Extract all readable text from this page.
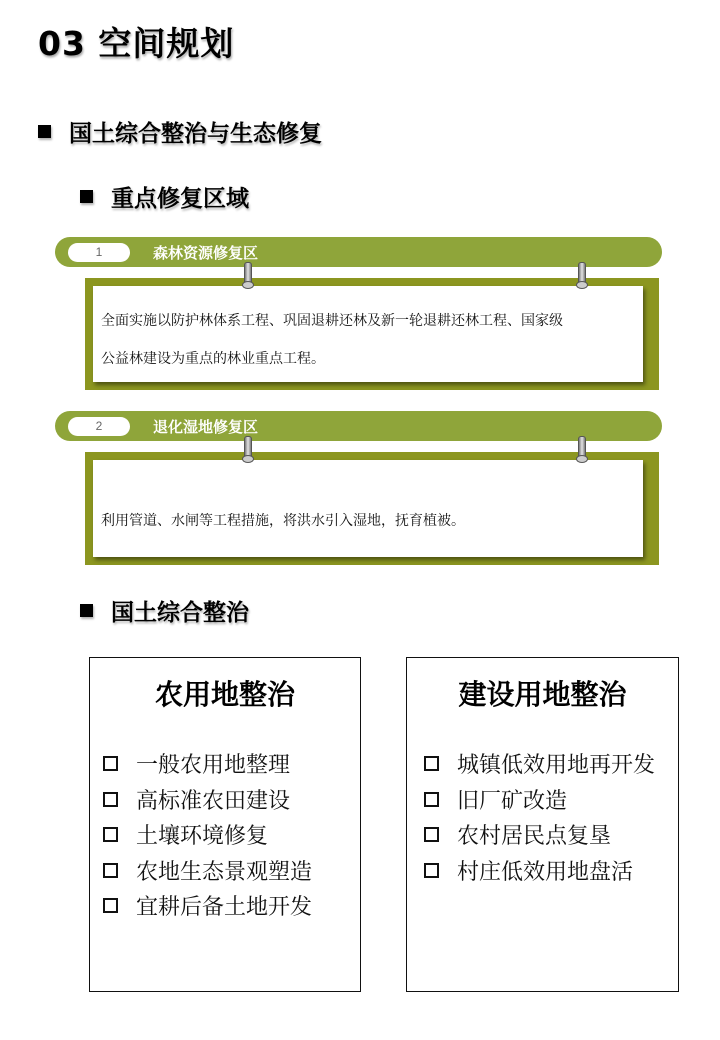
03 空间规划
国土综合整治与生态修复
重点修复区域
1	森林资源修复区
全面实施以防护林体系工程、巩固退耕还林及新一轮退耕还林工程、国家级
公益林建设为重点的林业重点工程。
2	退化湿地修复区
利用管道、水闸等工程措施，将洪水引入湿地，抚育植被。
国土综合整治
农用地整治
一般农用地整理
高标准农田建设
土壤环境修复
农地生态景观塑造
宜耕后备土地开发
建设用地整治
城镇低效用地再开发
旧厂矿改造
农村居民点复垦
村庄低效用地盘活
